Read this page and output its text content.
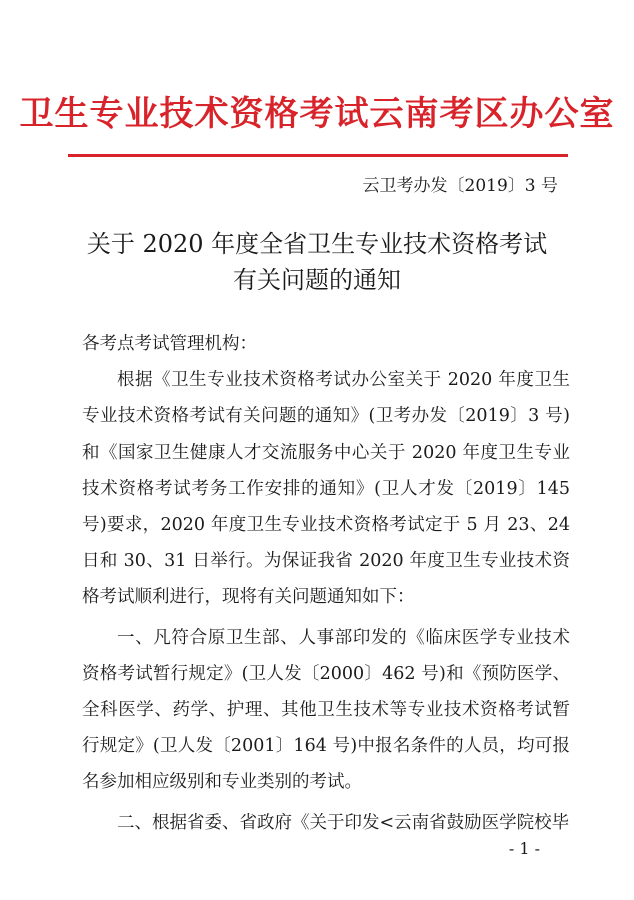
卫生专业技术资格考试云南考区办公室
云卫考办发〔2019〕3 号
关于 2020 年度全省卫生专业技术资格考试
有关问题的通知

各考点考试管理机构：

根据《卫生专业技术资格考试办公室关于 2020 年度卫生专业技术资格考试有关问题的通知》(卫考办发〔2019〕3 号)和《国家卫生健康人才交流服务中心关于 2020 年度卫生专业技术资格考试考务工作安排的通知》(卫人才发〔2019〕145 号)要求，2020 年度卫生专业技术资格考试定于 5 月 23、24 日和 30、31 日举行。为保证我省 2020 年度卫生专业技术资格考试顺利进行，现将有关问题通知如下：

一、凡符合原卫生部、人事部印发的《临床医学专业技术资格考试暂行规定》(卫人发〔2000〕462 号)和《预防医学、全科医学、药学、护理、其他卫生技术等专业技术资格考试暂行规定》(卫人发〔2001〕164 号)中报名条件的人员，均可报名参加相应级别和专业类别的考试。

二、根据省委、省政府《关于印发<云南省鼓励医学院校毕

- 1 -
